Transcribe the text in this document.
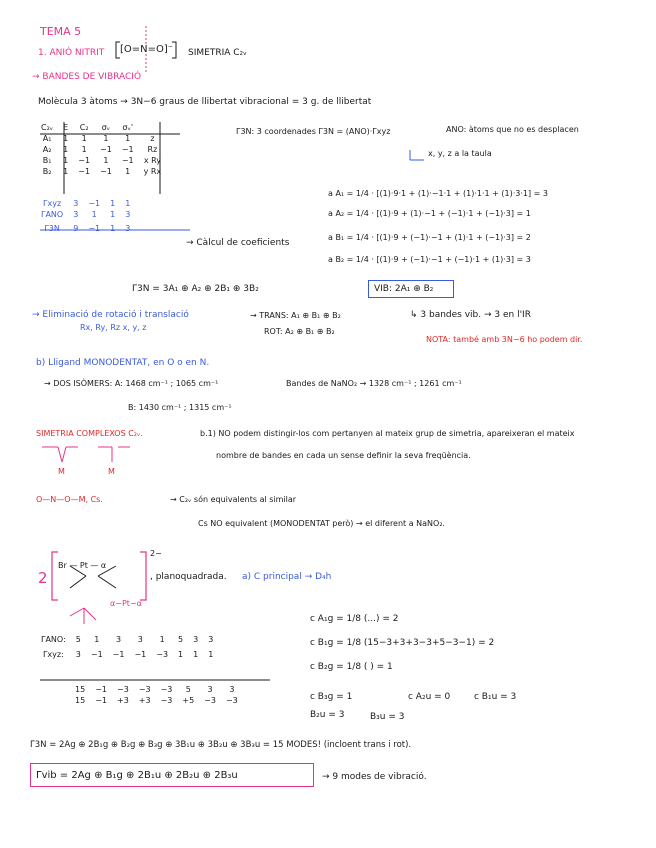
TEMA 5
1. ANIÓ NITRIT [O=N=O]⁻ SIMETRIA C₂ᵥ
→ BANDES DE VIBRACIÓ
Molècula 3 àtoms → 3N−6 graus de llibertat vibracional = 3 g. de llibertat
C₂ᵥ	E	C₂	σᵥ	σᵥ'	
A₁	1	1	1	1	z
A₂	1	1	−1	−1	Rz
B₁	1	−1	1	−1	x Ry
B₂	1	−1	−1	1	y Rx
Γxyz	3	−1	1	1
ΓANO	3	1	1	3
Γ3N	9	−1	1	3
→ Càlcul de coeficients
Γ3N: 3 coordenades Γ3N = (ANO)·Γxyz	ANO: àtoms que no es desplacen
x, y, z a la taula
a A₁ = 1/4 · [(1)·9·1 + (1)·−1·1 + (1)·1·1 + (1)·3·1] = 3
a A₂ = 1/4 · [(1)·9 + (1)·−1 + (−1)·1 + (−1)·3] = 1
a B₁ = 1/4 · [(1)·9 + (−1)·−1 + (1)·1 + (−1)·3] = 2
a B₂ = 1/4 · [(1)·9 + (−1)·−1 + (−1)·1 + (1)·3] = 3
Γ3N = 3A₁ ⊕ A₂ ⊕ 2B₁ ⊕ 3B₂	VIB: 2A₁ ⊕ B₂
→ Eliminació de rotació i translació
Rx, Ry, Rz x, y, z
→ TRANS: A₁ ⊕ B₁ ⊕ B₂
ROT: A₂ ⊕ B₁ ⊕ B₂
↳ 3 bandes vib. → 3 en l'IR
NOTA: també amb 3N−6 ho podem dir.
b) Lligand MONODENTAT, en O o en N.
→ DOS ISÒMERS: A: 1468 cm⁻¹ ; 1065 cm⁻¹	Bandes de NaNO₂ → 1328 cm⁻¹ ; 1261 cm⁻¹
B: 1430 cm⁻¹ ; 1315 cm⁻¹
SIMETRIA COMPLEXOS C₂ᵥ.	b.1) NO podem distingir-los com pertanyen al mateix grup de simetria, apareixeran el mateix
nombre de bandes en cada un sense definir la seva freqüència.
M	M
O—N—O—M, Cs.	→ C₂ᵥ són equivalents al similar
Cs NO equivalent (MONODENTAT però) → el diferent a NaNO₂.
2
Br — Pt — α
2−
, planoquadrada. a) C principal → D₄h
α−Pt−α
ΓANO:	5	1	3	3	1	5	3	3
Γxyz:	3	−1	−1	−1	−3	1	1	1
15	−1	−3	−3	−3	5	3	3
15	−1	+3	+3	−3	+5	−3	−3
c A₁g = 1/8 (...) = 2
c B₁g = 1/8 (15−3+3+3−3+5−3−1) = 2
c B₂g = 1/8 ( ) = 1
c B₃g = 1	c A₂u = 0	c B₁u = 3
B₂u = 3	B₃u = 3
Γ3N = 2Ag ⊕ 2B₁g ⊕ B₂g ⊕ B₃g ⊕ 3B₁u ⊕ 3B₂u ⊕ 3B₃u = 15 MODES! (incloent trans i rot).
Γvib = 2Ag ⊕ B₁g ⊕ 2B₁u ⊕ 2B₂u ⊕ 2B₃u	→ 9 modes de vibració.
